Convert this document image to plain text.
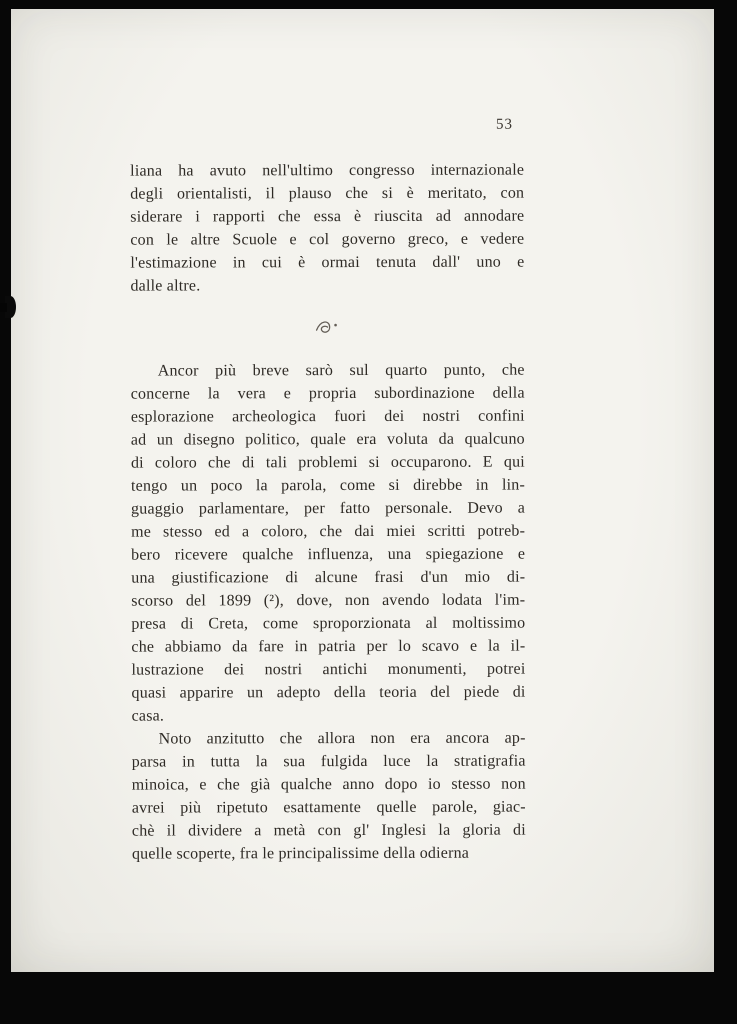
53
liana ha avuto nell'ultimo congresso internazionale
degli orientalisti, il plauso che si è meritato, con
siderare i rapporti che essa è riuscita ad annodare
con le altre Scuole e col governo greco, e vedere
l'estimazione in cui è ormai tenuta dall' uno e
dalle altre.
Ancor più breve sarò sul quarto punto, che
concerne la vera e propria subordinazione della
esplorazione archeologica fuori dei nostri confini
ad un disegno politico, quale era voluta da qualcuno
di coloro che di tali problemi si occuparono. E qui
tengo un poco la parola, come si direbbe in lin-
guaggio parlamentare, per fatto personale. Devo a
me stesso ed a coloro, che dai miei scritti potreb-
bero ricevere qualche influenza, una spiegazione e
una giustificazione di alcune frasi d'un mio di-
scorso del 1899 (²), dove, non avendo lodata l'im-
presa di Creta, come sproporzionata al moltissimo
che abbiamo da fare in patria per lo scavo e la il-
lustrazione dei nostri antichi monumenti, potrei
quasi apparire un adepto della teoria del piede di
casa.
Noto anzitutto che allora non era ancora ap-
parsa in tutta la sua fulgida luce la stratigrafia
minoica, e che già qualche anno dopo io stesso non
avrei più ripetuto esattamente quelle parole, giac-
chè il dividere a metà con gl' Inglesi la gloria di
quelle scoperte, fra le principalissime della odierna
